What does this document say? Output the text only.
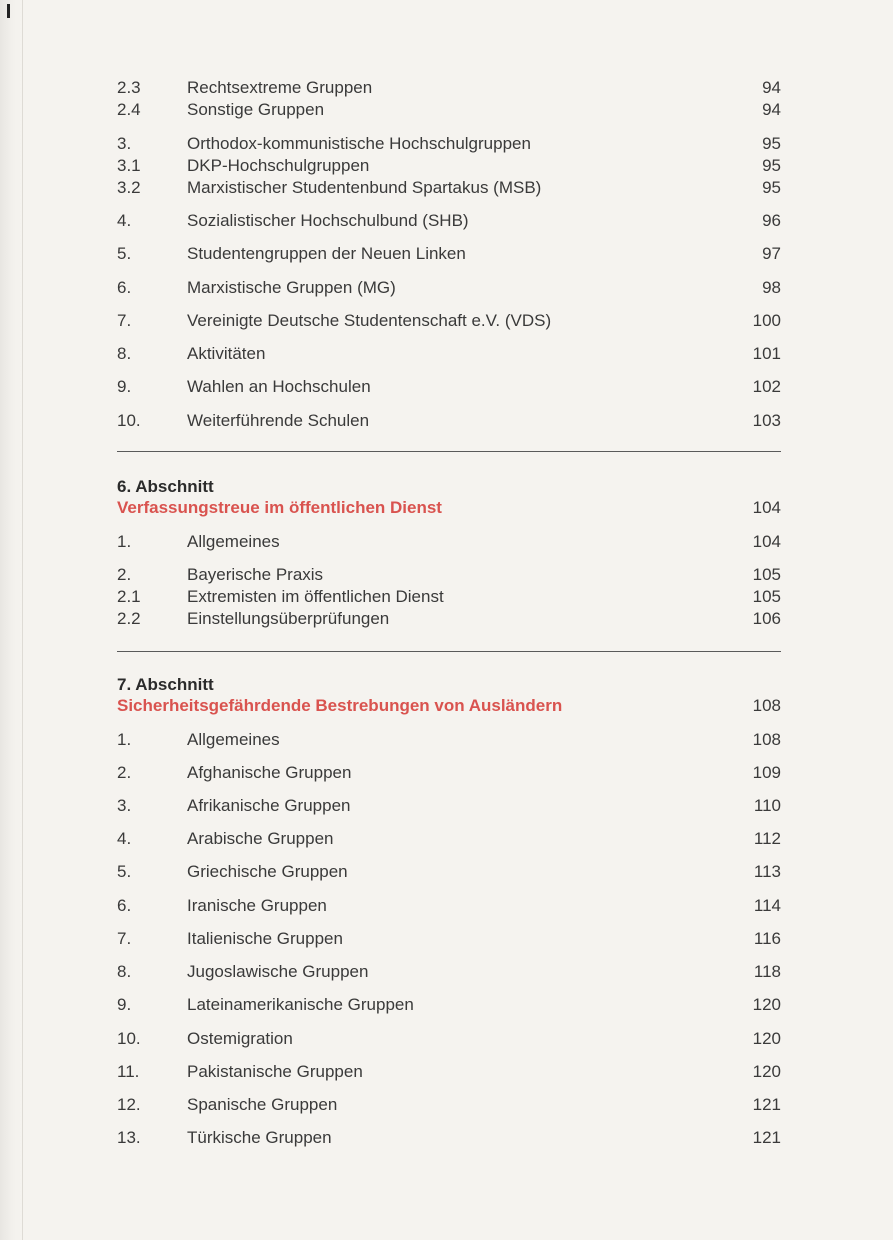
2.3	Rechtsextreme Gruppen	94
2.4	Sonstige Gruppen	94
3.	Orthodox-kommunistische Hochschulgruppen	95
3.1	DKP-Hochschulgruppen	95
3.2	Marxistischer Studentenbund Spartakus (MSB)	95
4.	Sozialistischer Hochschulbund (SHB)	96
5.	Studentengruppen der Neuen Linken	97
6.	Marxistische Gruppen (MG)	98
7.	Vereinigte Deutsche Studentenschaft e.V. (VDS)	100
8.	Aktivitäten	101
9.	Wahlen an Hochschulen	102
10.	Weiterführende Schulen	103
6. Abschnitt
Verfassungstreue im öffentlichen Dienst	104
1.	Allgemeines	104
2.	Bayerische Praxis	105
2.1	Extremisten im öffentlichen Dienst	105
2.2	Einstellungsüberprüfungen	106
7. Abschnitt
Sicherheitsgefährdende Bestrebungen von Ausländern	108
1.	Allgemeines	108
2.	Afghanische Gruppen	109
3.	Afrikanische Gruppen	110
4.	Arabische Gruppen	112
5.	Griechische Gruppen	113
6.	Iranische Gruppen	114
7.	Italienische Gruppen	116
8.	Jugoslawische Gruppen	118
9.	Lateinamerikanische Gruppen	120
10.	Ostemigration	120
11.	Pakistanische Gruppen	120
12.	Spanische Gruppen	121
13.	Türkische Gruppen	121
